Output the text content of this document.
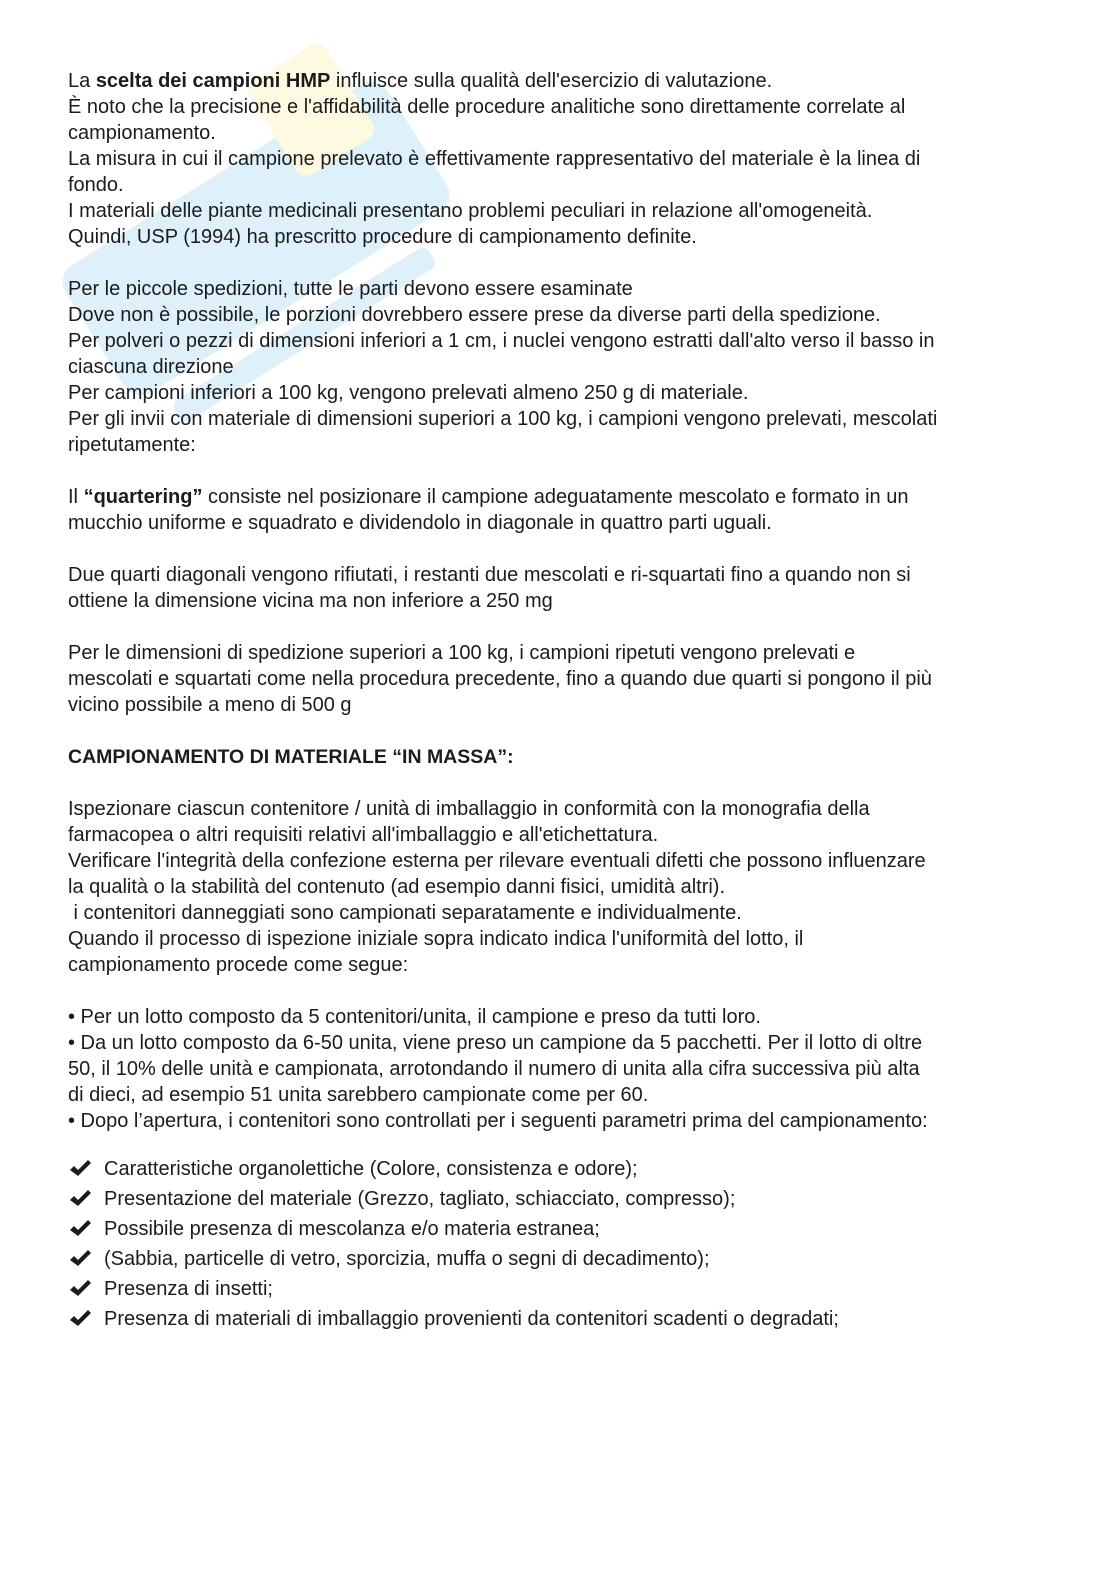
La scelta dei campioni HMP influisce sulla qualità dell'esercizio di valutazione.
È noto che la precisione e l'affidabilità delle procedure analitiche sono direttamente correlate al
campionamento.
La misura in cui il campione prelevato è effettivamente rappresentativo del materiale è la linea di
fondo.
I materiali delle piante medicinali presentano problemi peculiari in relazione all'omogeneità.
Quindi, USP (1994) ha prescritto procedure di campionamento definite.
Per le piccole spedizioni, tutte le parti devono essere esaminate
Dove non è possibile, le porzioni dovrebbero essere prese da diverse parti della spedizione.
Per polveri o pezzi di dimensioni inferiori a 1 cm, i nuclei vengono estratti dall'alto verso il basso in
ciascuna direzione
Per campioni inferiori a 100 kg, vengono prelevati almeno 250 g di materiale.
Per gli invii con materiale di dimensioni superiori a 100 kg, i campioni vengono prelevati, mescolati
ripetutamente:
Il “quartering” consiste nel posizionare il campione adeguatamente mescolato e formato in un
mucchio uniforme e squadrato e dividendolo in diagonale in quattro parti uguali.
Due quarti diagonali vengono rifiutati, i restanti due mescolati e ri-squartati fino a quando non si
ottiene la dimensione vicina ma non inferiore a 250 mg
Per le dimensioni di spedizione superiori a 100 kg, i campioni ripetuti vengono prelevati e
mescolati e squartati come nella procedura precedente, fino a quando due quarti si pongono il più
vicino possibile a meno di 500 g
CAMPIONAMENTO DI MATERIALE “IN MASSA”:
Ispezionare ciascun contenitore / unità di imballaggio in conformità con la monografia della
farmacopea o altri requisiti relativi all'imballaggio e all'etichettatura.
Verificare l'integrità della confezione esterna per rilevare eventuali difetti che possono influenzare
la qualità o la stabilità del contenuto (ad esempio danni fisici, umidità altri).
i contenitori danneggiati sono campionati separatamente e individualmente.
Quando il processo di ispezione iniziale sopra indicato indica l'uniformità del lotto, il
campionamento procede come segue:
• Per un lotto composto da 5 contenitori/unita, il campione e preso da tutti loro.
• Da un lotto composto da 6-50 unita, viene preso un campione da 5 pacchetti. Per il lotto di oltre
50, il 10% delle unità e campionata, arrotondando il numero di unita alla cifra successiva più alta
di dieci, ad esempio 51 unita sarebbero campionate come per 60.
• Dopo l’apertura, i contenitori sono controllati per i seguenti parametri prima del campionamento:
Caratteristiche organolettiche (Colore, consistenza e odore);
Presentazione del materiale (Grezzo, tagliato, schiacciato, compresso);
Possibile presenza di mescolanza e/o materia estranea;
(Sabbia, particelle di vetro, sporcizia, muffa o segni di decadimento);
Presenza di insetti;
Presenza di materiali di imballaggio provenienti da contenitori scadenti o degradati;
